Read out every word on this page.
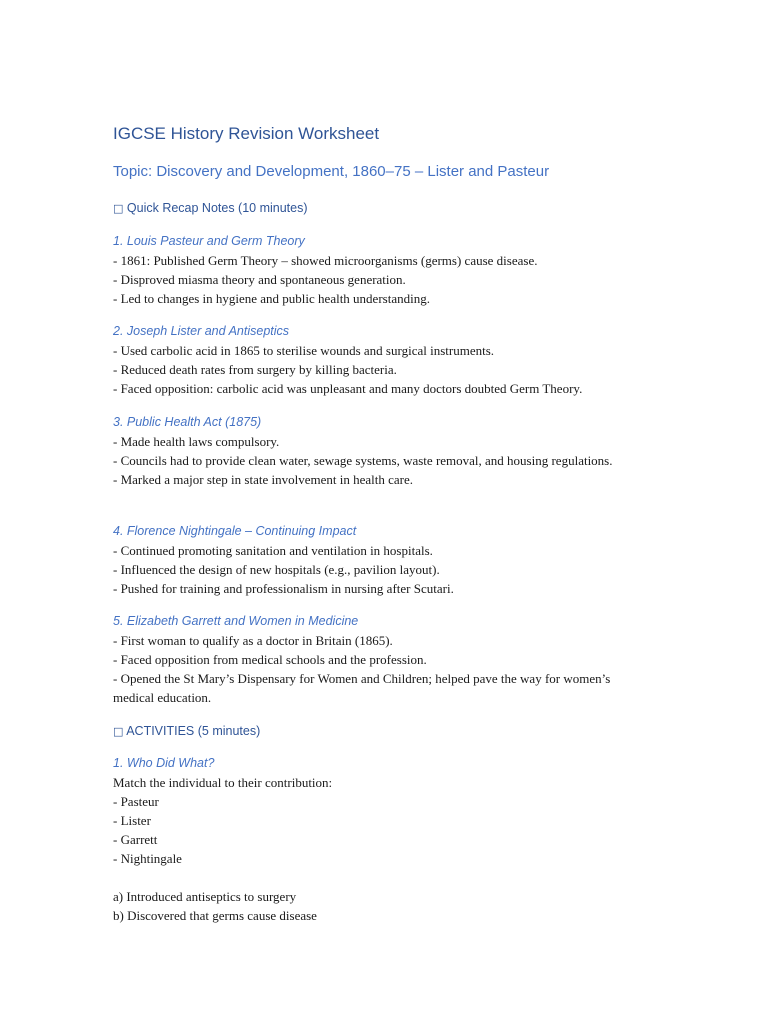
IGCSE History Revision Worksheet
Topic: Discovery and Development, 1860–75 – Lister and Pasteur
□ Quick Recap Notes (10 minutes)
1. Louis Pasteur and Germ Theory
- 1861: Published Germ Theory – showed microorganisms (germs) cause disease.
- Disproved miasma theory and spontaneous generation.
- Led to changes in hygiene and public health understanding.
2. Joseph Lister and Antiseptics
- Used carbolic acid in 1865 to sterilise wounds and surgical instruments.
- Reduced death rates from surgery by killing bacteria.
- Faced opposition: carbolic acid was unpleasant and many doctors doubted Germ Theory.
3. Public Health Act (1875)
- Made health laws compulsory.
- Councils had to provide clean water, sewage systems, waste removal, and housing regulations.
- Marked a major step in state involvement in health care.
4. Florence Nightingale – Continuing Impact
- Continued promoting sanitation and ventilation in hospitals.
- Influenced the design of new hospitals (e.g., pavilion layout).
- Pushed for training and professionalism in nursing after Scutari.
5. Elizabeth Garrett and Women in Medicine
- First woman to qualify as a doctor in Britain (1865).
- Faced opposition from medical schools and the profession.
- Opened the St Mary’s Dispensary for Women and Children; helped pave the way for women’s medical education.
□ ACTIVITIES (5 minutes)
1. Who Did What?
Match the individual to their contribution:
- Pasteur
- Lister
- Garrett
- Nightingale
a) Introduced antiseptics to surgery
b) Discovered that germs cause disease
